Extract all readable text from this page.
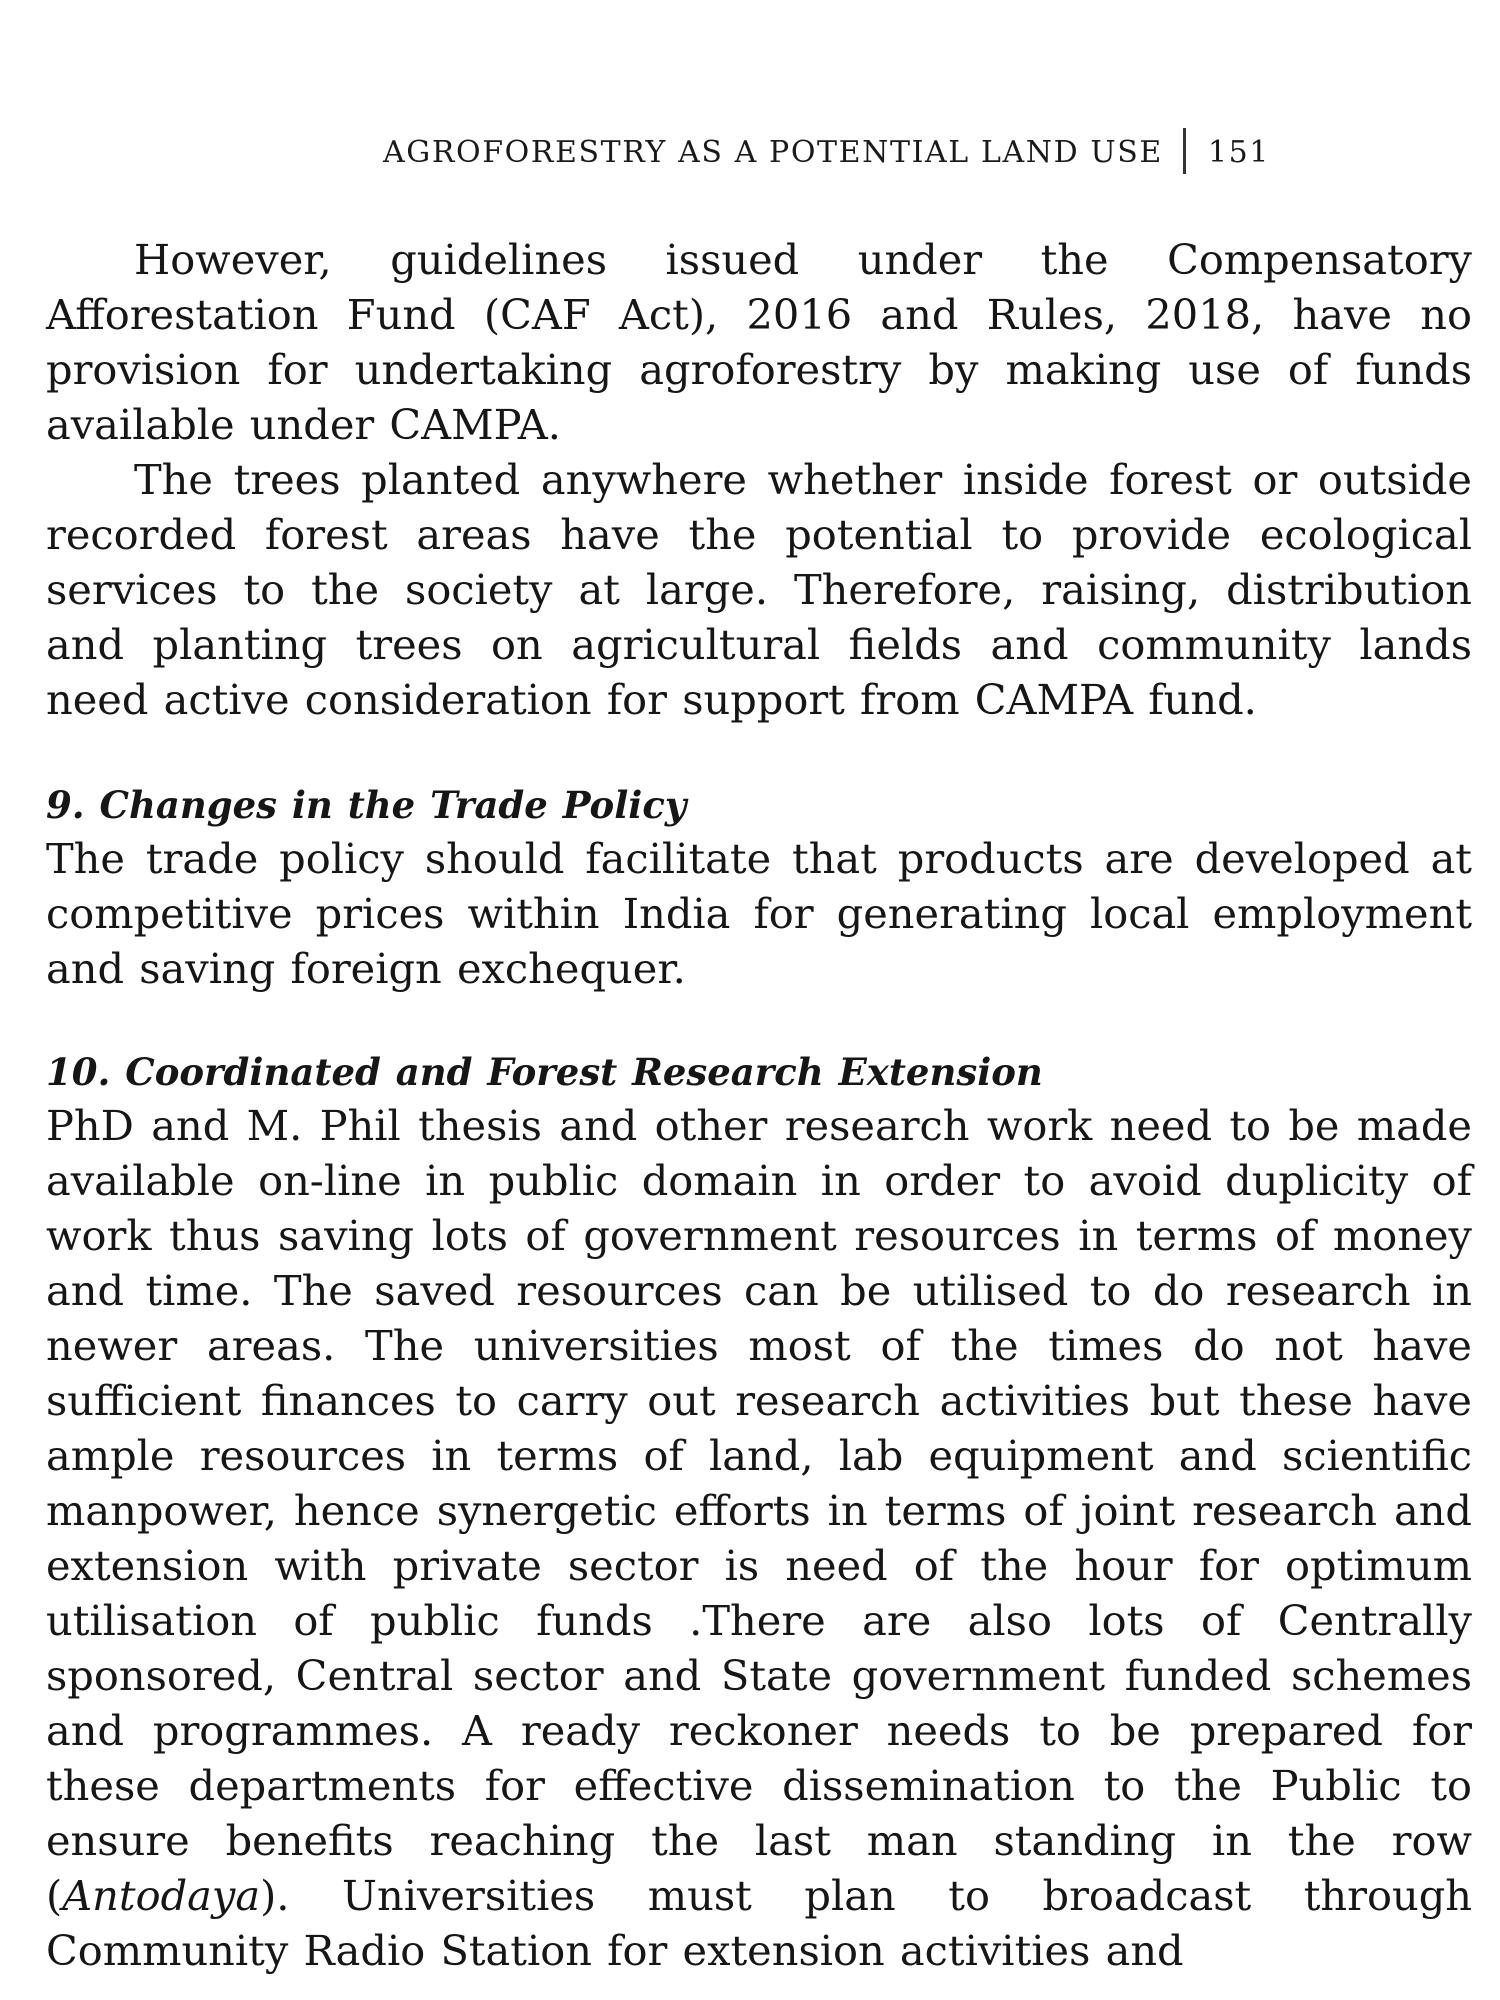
AGROFORESTRY AS A POTENTIAL LAND USE 151

However, guidelines issued under the Compensatory Afforestation Fund (CAF Act), 2016 and Rules, 2018, have no provision for undertaking agroforestry by making use of funds available under CAMPA.

The trees planted anywhere whether inside forest or outside recorded forest areas have the potential to provide ecological services to the society at large. Therefore, raising, distribution and planting trees on agricultural fields and community lands need active consideration for support from CAMPA fund.

9. Changes in the Trade Policy

The trade policy should facilitate that products are developed at competitive prices within India for generating local employment and saving foreign exchequer.

10. Coordinated and Forest Research Extension

PhD and M. Phil thesis and other research work need to be made available on-line in public domain in order to avoid duplicity of work thus saving lots of government resources in terms of money and time. The saved resources can be utilised to do research in newer areas. The universities most of the times do not have sufficient finances to carry out research activities but these have ample resources in terms of land, lab equipment and scientific manpower, hence synergetic efforts in terms of joint research and extension with private sector is need of the hour for optimum utilisation of public funds .There are also lots of Centrally sponsored, Central sector and State government funded schemes and programmes. A ready reckoner needs to be prepared for these departments for effective dissemination to the Public to ensure benefits reaching the last man standing in the row (Antodaya). Universities must plan to broadcast through Community Radio Station for extension activities and
